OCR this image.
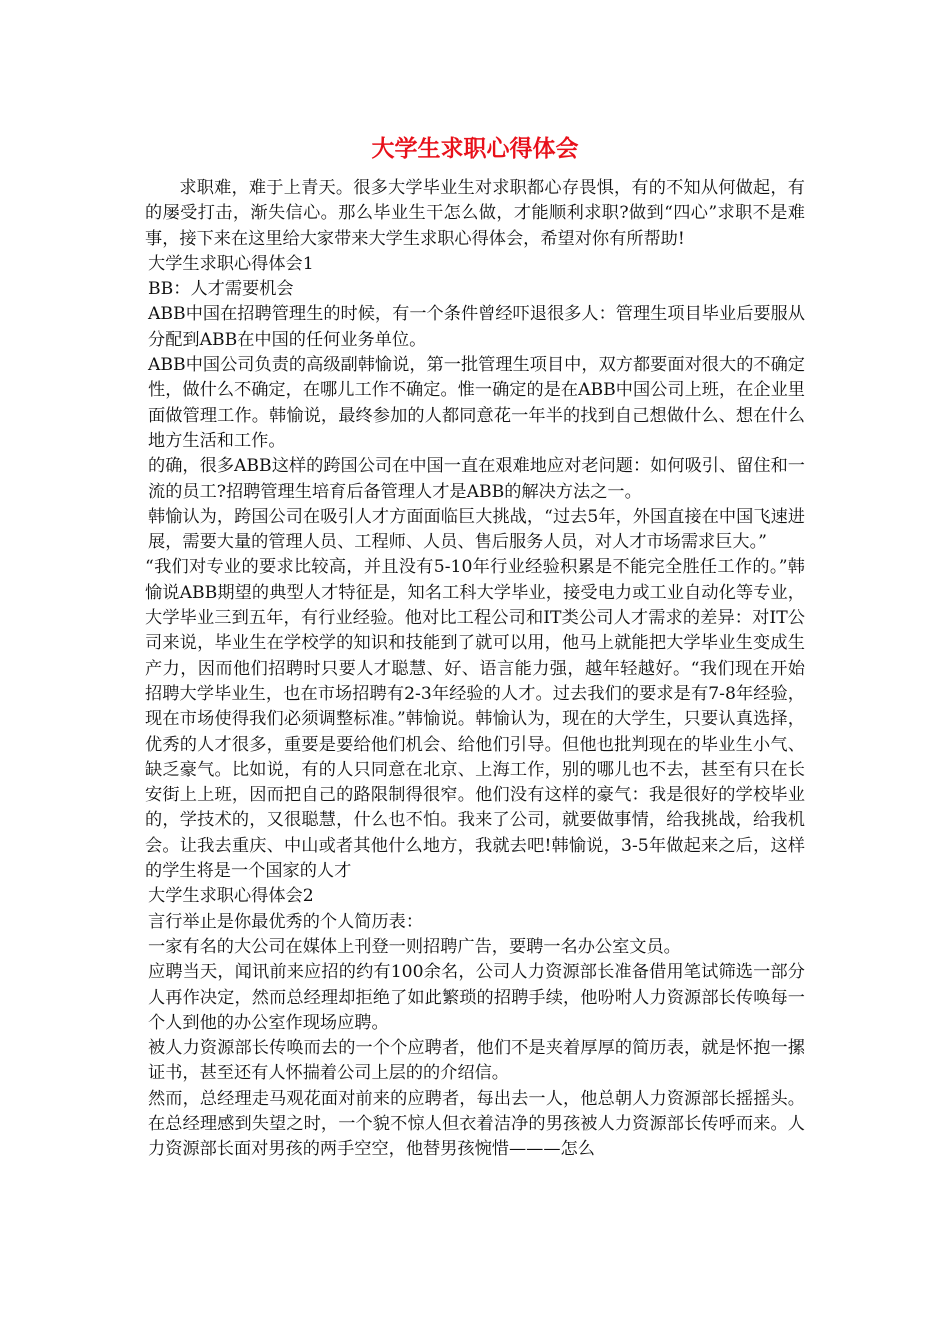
大学生求职心得体会

求职难，难于上青天。很多大学毕业生对求职都心存畏惧，有的不知从何做起，有的屡受打击，渐失信心。那么毕业生干怎么做，才能顺利求职?做到“四心”求职不是难事，接下来在这里给大家带来大学生求职心得体会，希望对你有所帮助!

大学生求职心得体会1

BB：人才需要机会

ABB中国在招聘管理生的时候，有一个条件曾经吓退很多人：管理生项目毕业后要服从分配到ABB在中国的任何业务单位。

ABB中国公司负责的高级副韩愉说，第一批管理生项目中，双方都要面对很大的不确定性，做什么不确定，在哪儿工作不确定。惟一确定的是在ABB中国公司上班，在企业里面做管理工作。韩愉说，最终参加的人都同意花一年半的找到自己想做什么、想在什么地方生活和工作。

的确，很多ABB这样的跨国公司在中国一直在艰难地应对老问题：如何吸引、留住和一流的员工?招聘管理生培育后备管理人才是ABB的解决方法之一。

韩愉认为，跨国公司在吸引人才方面面临巨大挑战，“过去5年，外国直接在中国飞速进展，需要大量的管理人员、工程师、人员、售后服务人员，对人才市场需求巨大。”

“我们对专业的要求比较高，并且没有5-10年行业经验积累是不能完全胜任工作的。”韩愉说ABB期望的典型人才特征是，知名工科大学毕业，接受电力或工业自动化等专业，大学毕业三到五年，有行业经验。他对比工程公司和IT类公司人才需求的差异：对IT公司来说，毕业生在学校学的知识和技能到了就可以用，他马上就能把大学毕业生变成生产力，因而他们招聘时只要人才聪慧、好、语言能力强，越年轻越好。“我们现在开始招聘大学毕业生，也在市场招聘有2-3年经验的人才。过去我们的要求是有7-8年经验，现在市场使得我们必须调整标准。”韩愉说。韩愉认为，现在的大学生，只要认真选择，优秀的人才很多，重要是要给他们机会、给他们引导。但他也批判现在的毕业生小气、缺乏豪气。比如说，有的人只同意在北京、上海工作，别的哪儿也不去，甚至有只在长安街上上班，因而把自己的路限制得很窄。他们没有这样的豪气：我是很好的学校毕业的，学技术的，又很聪慧，什么也不怕。我来了公司，就要做事情，给我挑战，给我机会。让我去重庆、中山或者其他什么地方，我就去吧!韩愉说，3-5年做起来之后，这样的学生将是一个国家的人才

大学生求职心得体会2

言行举止是你最优秀的个人简历表：

一家有名的大公司在媒体上刊登一则招聘广告，要聘一名办公室文员。

应聘当天，闻讯前来应招的约有100余名，公司人力资源部长准备借用笔试筛选一部分人再作决定，然而总经理却拒绝了如此繁琐的招聘手续，他吩咐人力资源部长传唤每一个人到他的办公室作现场应聘。

被人力资源部长传唤而去的一个个应聘者，他们不是夹着厚厚的简历表，就是怀抱一摞证书，甚至还有人怀揣着公司上层的的介绍信。

然而，总经理走马观花面对前来的应聘者，每出去一人，他总朝人力资源部长摇摇头。在总经理感到失望之时，一个貌不惊人但衣着洁净的男孩被人力资源部长传呼而来。人力资源部长面对男孩的两手空空，他替男孩惋惜———怎么
